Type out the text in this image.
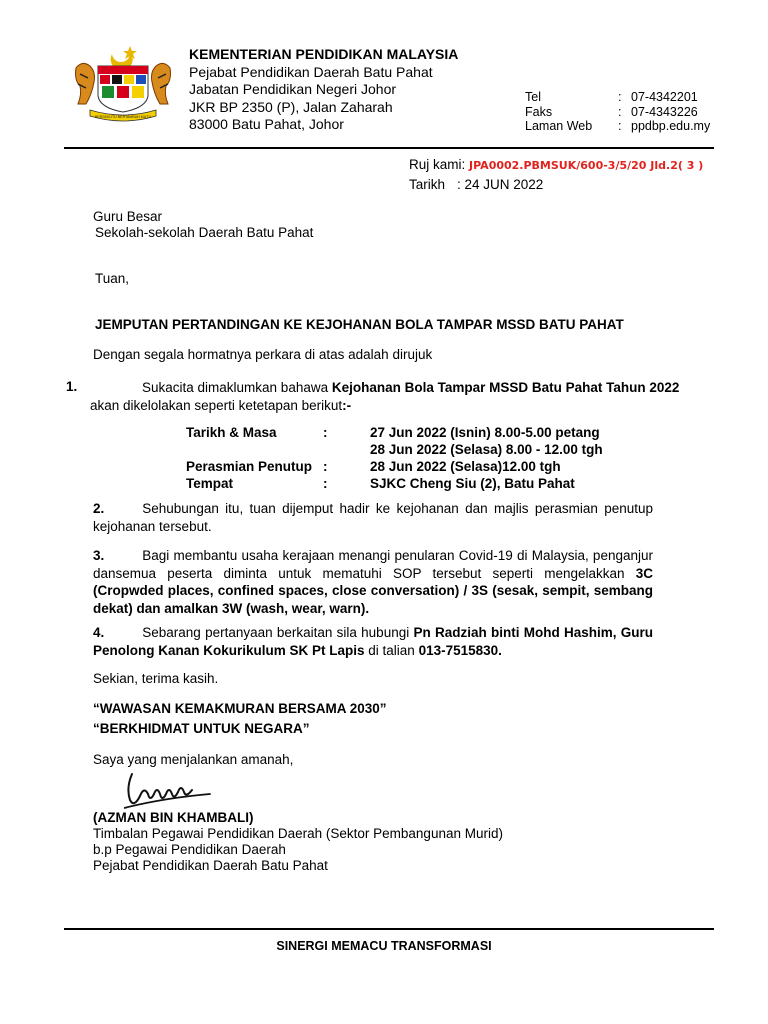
BERSEKUTU BERTAMBAH MUTU
KEMENTERIAN PENDIDIKAN MALAYSIA
Pejabat Pendidikan Daerah Batu Pahat
Jabatan Pendidikan Negeri Johor
JKR BP 2350 (P), Jalan Zaharah
83000 Batu Pahat, Johor
Tel	: 07-4342201
Faks	: 07-4343226
Laman Web	: ppdbp.edu.my
Ruj kami: JPA0002.PBMSUK/600-3/5/20 Jld.2( 3 )
Tarikh : 24 JUN 2022
Guru Besar
Sekolah-sekolah Daerah Batu Pahat
Tuan,
JEMPUTAN PERTANDINGAN KE KEJOHANAN BOLA TAMPAR MSSD BATU PAHAT
Dengan segala hormatnya perkara di atas adalah dirujuk
1.	Sukacita dimaklumkan bahawa Kejohanan Bola Tampar MSSD Batu Pahat Tahun 2022 akan dikelolakan seperti ketetapan berikut:-
Tarikh & Masa	:	27 Jun 2022 (Isnin) 8.00-5.00 petang
28 Jun 2022 (Selasa) 8.00 - 12.00 tgh
Perasmian Penutup :	28 Jun 2022 (Selasa)12.00 tgh
Tempat	:	SJKC Cheng Siu (2), Batu Pahat
2.	Sehubungan itu, tuan dijemput hadir ke kejohanan dan majlis perasmian penutup kejohanan tersebut.
3.	Bagi membantu usaha kerajaan menangi penularan Covid-19 di Malaysia, penganjur dansemua peserta diminta untuk mematuhi SOP tersebut seperti mengelakkan 3C (Cropwded places, confined spaces, close conversation) / 3S (sesak, sempit, sembang dekat) dan amalkan 3W (wash, wear, warn).
4.	Sebarang pertanyaan berkaitan sila hubungi Pn Radziah binti Mohd Hashim, Guru Penolong Kanan Kokurikulum SK Pt Lapis di talian 013-7515830.
Sekian, terima kasih.
“WAWASAN KEMAKMURAN BERSAMA 2030”
“BERKHIDMAT UNTUK NEGARA”
Saya yang menjalankan amanah,
(AZMAN BIN KHAMBALI)
Timbalan Pegawai Pendidikan Daerah (Sektor Pembangunan Murid)
b.p Pegawai Pendidikan Daerah
Pejabat Pendidikan Daerah Batu Pahat
SINERGI MEMACU TRANSFORMASI
